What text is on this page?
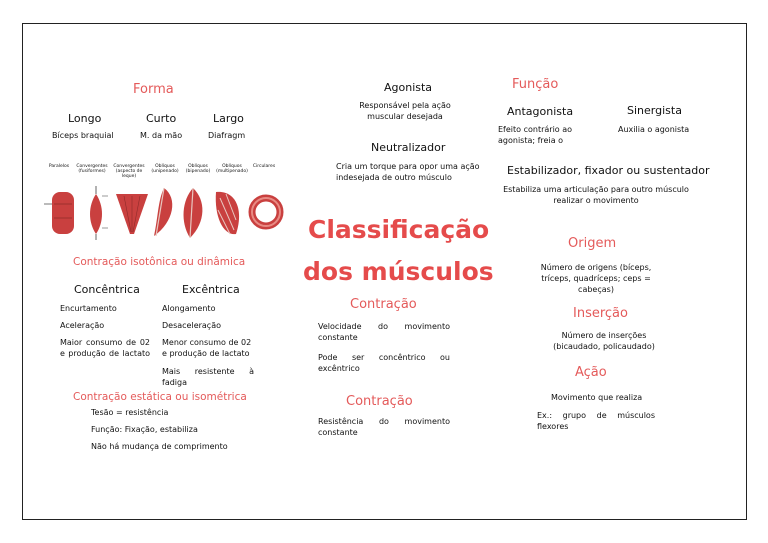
Forma
Longo	Curto	Largo
Bíceps braquial	M. da mão	Diafragm
Paralelos	Convergentes (fusiformes)
Convergentes (aspecto de leque)
Oblíquos (unipenado)
Oblíquos (bipenado)
Oblíquos (multipenado)
Circulares
Contração isotônica ou dinâmica
Concêntrica	Excêntrica
Encurtamento
Aceleração
Maior consumo de 02 e produção de lactato
Alongamento
Desaceleração
Menor consumo de 02 e produção de lactato
Mais resistente à fadiga
Contração estática ou isométrica
Tesão = resistência
Função: Fixação, estabiliza
Não há mudança de comprimento
Agonista
Responsável pela ação muscular desejada
Neutralizador
Cria um torque para opor uma ação indesejada de outro músculo
Classificação
dos músculos
Contração
Velocidade do movimento constante
Pode ser concêntrico ou excêntrico
Contração
Resistência do movimento constante
Função
Antagonista
Efeito contrário ao agonista; freia o
Sinergista
Auxilia o agonista
Estabilizador, fixador ou sustentador
Estabiliza uma articulação para outro músculo realizar o movimento
Origem
Número de origens (bíceps, tríceps, quadríceps; ceps = cabeças)
Inserção
Número de inserções (bicaudado, policaudado)
Ação
Movimento que realiza
Ex.: grupo de músculos flexores
